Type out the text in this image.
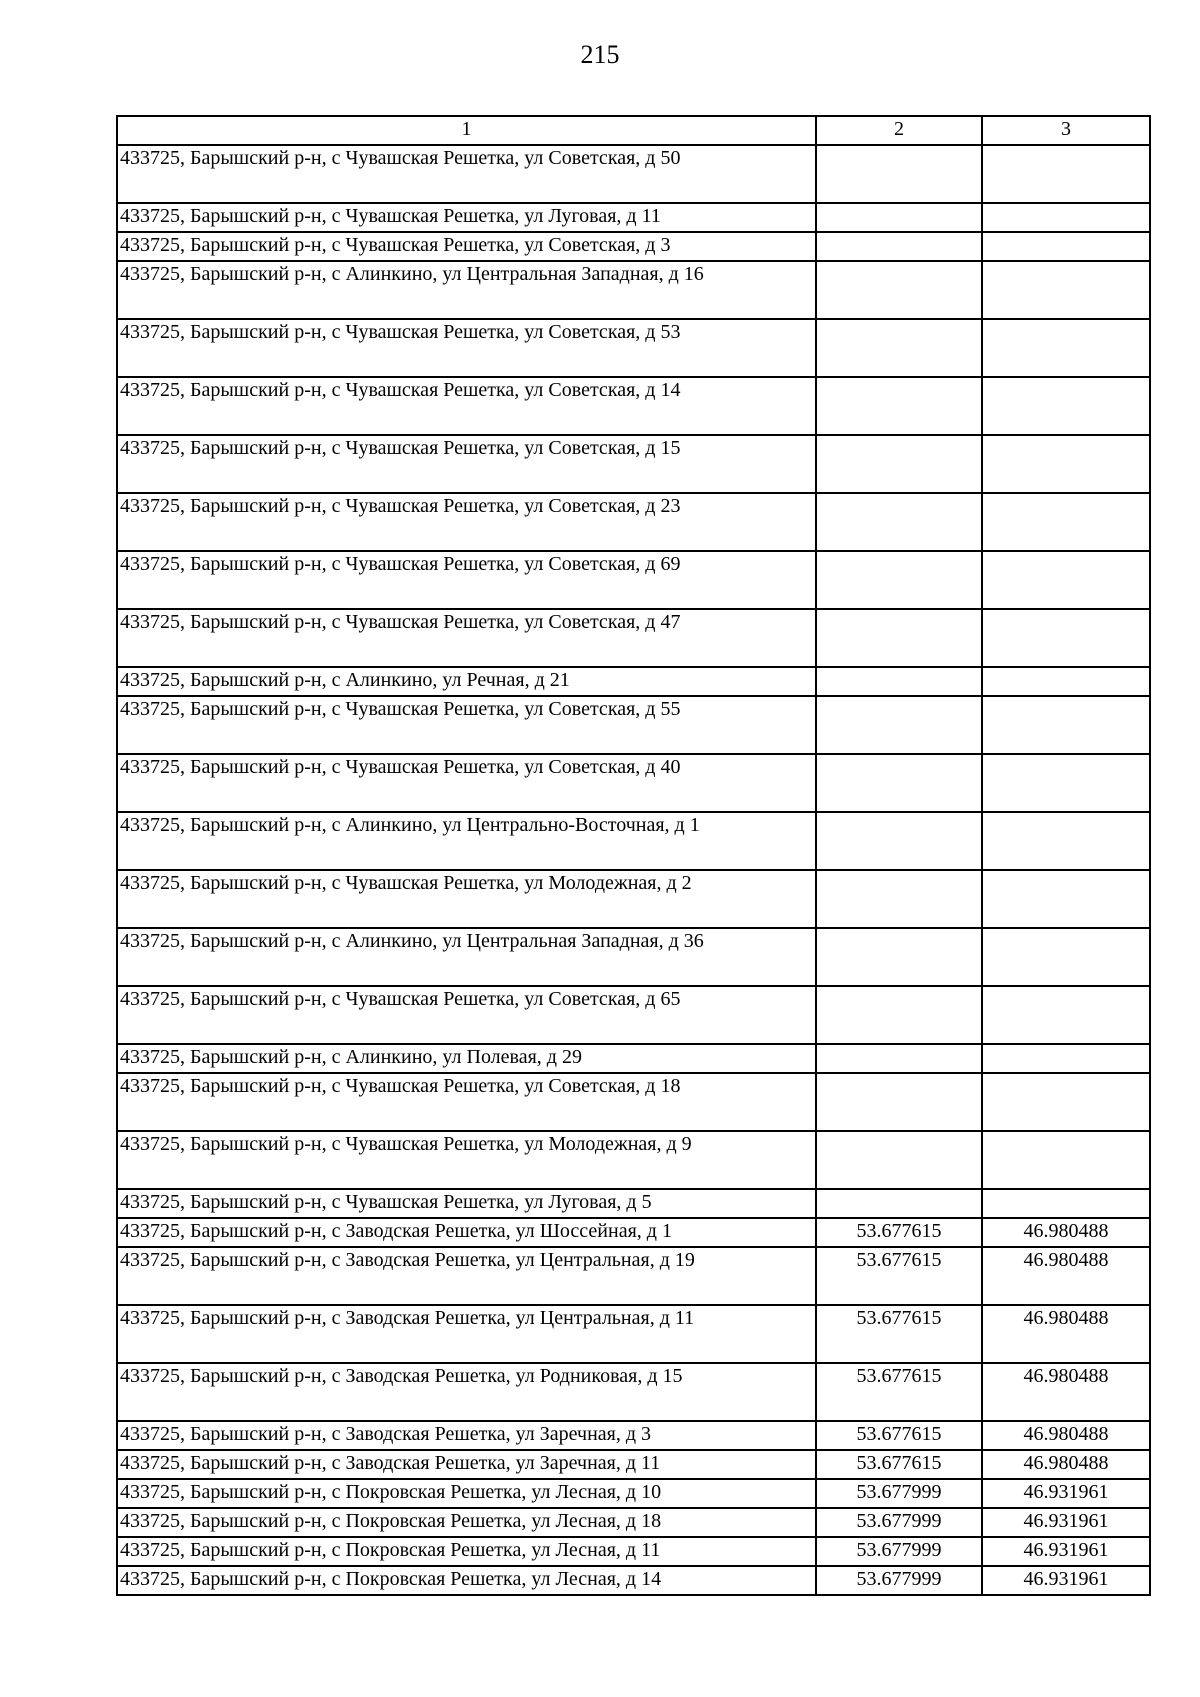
215
1	2	3
433725, Барышский р-н, с Чувашская Решетка, ул Советская, д 50		
433725, Барышский р-н, с Чувашская Решетка, ул Луговая, д 11		
433725, Барышский р-н, с Чувашская Решетка, ул Советская, д 3		
433725, Барышский р-н, с Алинкино, ул Центральная Западная, д 16		
433725, Барышский р-н, с Чувашская Решетка, ул Советская, д 53		
433725, Барышский р-н, с Чувашская Решетка, ул Советская, д 14		
433725, Барышский р-н, с Чувашская Решетка, ул Советская, д 15		
433725, Барышский р-н, с Чувашская Решетка, ул Советская, д 23		
433725, Барышский р-н, с Чувашская Решетка, ул Советская, д 69		
433725, Барышский р-н, с Чувашская Решетка, ул Советская, д 47		
433725, Барышский р-н, с Алинкино, ул Речная, д 21		
433725, Барышский р-н, с Чувашская Решетка, ул Советская, д 55		
433725, Барышский р-н, с Чувашская Решетка, ул Советская, д 40		
433725, Барышский р-н, с Алинкино, ул Центрально-Восточная, д 1		
433725, Барышский р-н, с Чувашская Решетка, ул Молодежная, д 2		
433725, Барышский р-н, с Алинкино, ул Центральная Западная, д 36		
433725, Барышский р-н, с Чувашская Решетка, ул Советская, д 65		
433725, Барышский р-н, с Алинкино, ул Полевая, д 29		
433725, Барышский р-н, с Чувашская Решетка, ул Советская, д 18		
433725, Барышский р-н, с Чувашская Решетка, ул Молодежная, д 9		
433725, Барышский р-н, с Чувашская Решетка, ул Луговая, д 5		
433725, Барышский р-н, с Заводская Решетка, ул Шоссейная, д 1	53.677615	46.980488
433725, Барышский р-н, с Заводская Решетка, ул Центральная, д 19	53.677615	46.980488
433725, Барышский р-н, с Заводская Решетка, ул Центральная, д 11	53.677615	46.980488
433725, Барышский р-н, с Заводская Решетка, ул Родниковая, д 15	53.677615	46.980488
433725, Барышский р-н, с Заводская Решетка, ул Заречная, д 3	53.677615	46.980488
433725, Барышский р-н, с Заводская Решетка, ул Заречная, д 11	53.677615	46.980488
433725, Барышский р-н, с Покровская Решетка, ул Лесная, д 10	53.677999	46.931961
433725, Барышский р-н, с Покровская Решетка, ул Лесная, д 18	53.677999	46.931961
433725, Барышский р-н, с Покровская Решетка, ул Лесная, д 11	53.677999	46.931961
433725, Барышский р-н, с Покровская Решетка, ул Лесная, д 14	53.677999	46.931961
